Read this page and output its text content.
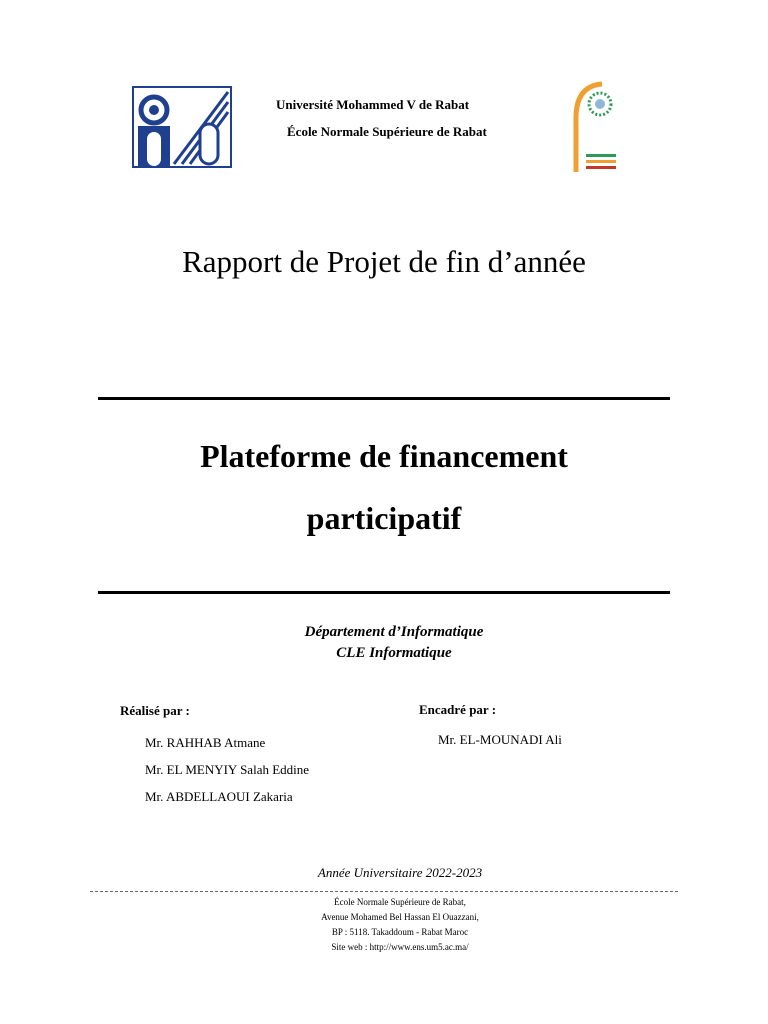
Université Mohammed V de Rabat
École Normale Supérieure de Rabat
Rapport de Projet de fin d’année
Plateforme de financement
participatif
Département d’Informatique
CLE Informatique
Réalisé par :
Mr. RAHHAB Atmane
Mr. EL MENYIY Salah Eddine
Mr. ABDELLAOUI Zakaria
Encadré par :
Mr. EL-MOUNADI Ali
Année Universitaire 2022-2023
École Normale Supérieure de Rabat,
Avenue Mohamed Bel Hassan El Ouazzani,
BP : 5118. Takaddoum - Rabat Maroc
Site web : http://www.ens.um5.ac.ma/
